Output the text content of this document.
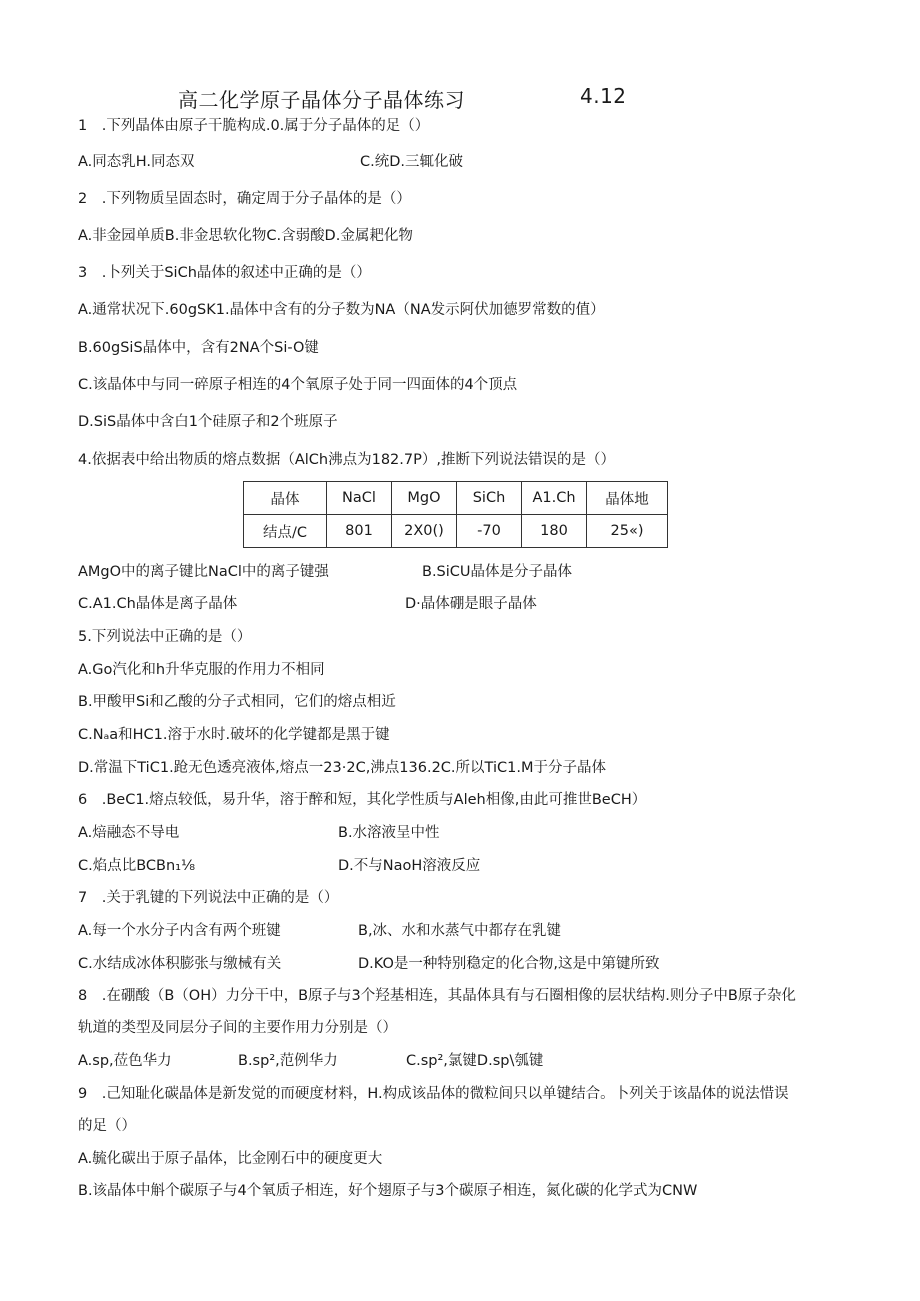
高二化学原子晶体分子晶体练习	4.12
1　.下列晶体由原子干脆构成.0.属于分子晶体的足（）
A.同态乳H.同态双	C.统D.三辄化破
2　.下列物质呈固态时，确定周于分子晶体的是（）
A.非金园单质B.非金思软化物C.含弱酸D.金属耙化物
3　.卜列关于SiCh晶体的叙述中正确的是（）
A.通常状况下.60gSK1.晶体中含有的分子数为NA（NA发示阿伏加德罗常数的值）
B.60gSiS晶体中，含有2NA个Si-O键
C.该晶体中与同一碎原子相连的4个氧原子处于同一四面体的4个顶点
D.SiS晶体中含白1个硅原子和2个班原子
4.依据表中给出物质的熔点数据（AlCh沸点为182.7P）,推断下列说法错误的是（）
晶体	NaCl	MgO	SiCh	A1.Ch	晶体地
结点/C	801	2X0()	-70	180	25«)
AMgO中的离子键比NaCl中的离子键强	B.SiCU晶体是分子晶体
C.A1.Ch晶体是离子晶体	D·晶体硼是眼子晶体
5.下列说法中正确的是（）
A.Go汽化和h升华克服的作用力不相同
B.甲酸甲Si和乙酸的分子式相同，它们的熔点相近
C.Nₐa和HC1.溶于水时.破坏的化学键都是黑于键
D.常温下TiC1.跄无色透亮液体,熔点一23·2C,沸点136.2C.所以TiC1.M于分子晶体
6　.BeC1.熔点较低，易升华，溶于醉和短，其化学性质与Aleh相像,由此可推世BeCH）
A.焙融态不导电	B.水溶液呈中性
C.焰点比BCBn₁⅛	D.不与NaoH溶液反应
7　.关于乳键的下列说法中正确的是（）
A.每一个水分子内含有两个班键	B,冰、水和水蒸气中都存在乳键
C.水结成冰体积膨张与缴械有关	D.KO是一种特别稳定的化合物,这是中第键所致
8　.在硼酸（B（OH）力分干中，B原子与3个羟基相连，其晶体具有与石圈相像的层状结构.则分子中B原子杂化
轨道的类型及同层分子间的主要作用力分别是（）
A.sp,莅色华力	B.sp²,范例华力	C.sp²,氯键D.sp\瓠键
9　.己知耻化碳晶体是新发觉的而硬度材料，H.构成该品体的微粒间只以单键结合。卜列关于该晶体的说法惜误
的足（）
A.毓化碳出于原子晶体，比金刚石中的硬度更大
B.该晶体中斛个碳原子与4个氧质子相连，好个翅原子与3个碳原子相连，氮化碳的化学式为CNW
